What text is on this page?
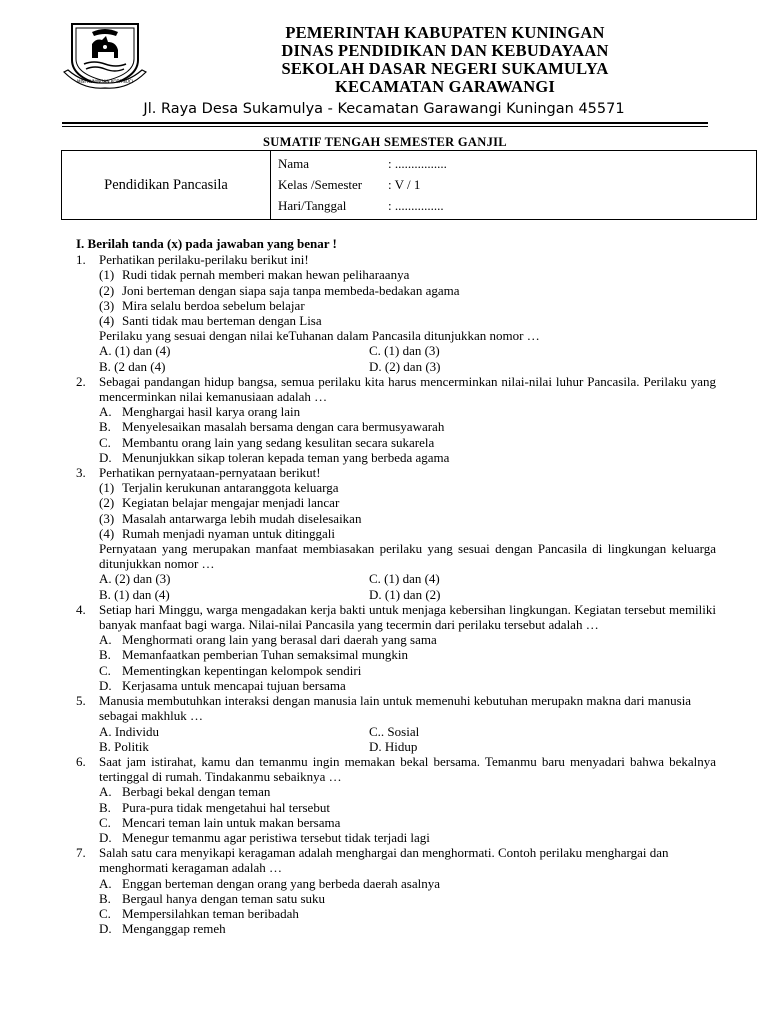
MISI KUNINGAN KOTA SUCI
PEMERINTAH KABUPATEN KUNINGAN
DINAS PENDIDIKAN DAN KEBUDAYAAN
SEKOLAH DASAR NEGERI SUKAMULYA
KECAMATAN GARAWANGI
Jl. Raya Desa Sukamulya - Kecamatan Garawangi Kuningan 45571
SUMATIF TENGAH SEMESTER GANJIL
Pendidikan Pancasila
Nama	: ................
Kelas /Semester : V / 1
Hari/Tanggal	: ...............
I. Berilah tanda (x) pada jawaban yang benar !
1. Perhatikan perilaku-perilaku berikut ini!
(1) Rudi tidak pernah memberi makan hewan peliharaanya
(2) Joni berteman dengan siapa saja tanpa membeda-bedakan agama
(3) Mira selalu berdoa sebelum belajar
(4) Santi tidak mau berteman dengan Lisa
Perilaku yang sesuai dengan nilai keTuhanan dalam Pancasila ditunjukkan nomor …
A. (1) dan (4)	C. (1) dan (3)
B. (2 dan (4)	D. (2) dan (3)
2. Sebagai pandangan hidup bangsa, semua perilaku kita harus mencerminkan nilai-nilai luhur Pancasila. Perilaku yang mencerminkan nilai kemanusiaan adalah …
A. Menghargai hasil karya orang lain
B. Menyelesaikan masalah bersama dengan cara bermusyawarah
C. Membantu orang lain yang sedang kesulitan secara sukarela
D. Menunjukkan sikap toleran kepada teman yang berbeda agama
3. Perhatikan pernyataan-pernyataan berikut!
(1) Terjalin kerukunan antaranggota keluarga
(2) Kegiatan belajar mengajar menjadi lancar
(3) Masalah antarwarga lebih mudah diselesaikan
(4) Rumah menjadi nyaman untuk ditinggali
Pernyataan yang merupakan manfaat membiasakan perilaku yang sesuai dengan Pancasila di lingkungan keluarga ditunjukkan nomor …
A. (2) dan (3)	C. (1) dan (4)
B. (1) dan (4)	D. (1) dan (2)
4. Setiap hari Minggu, warga mengadakan kerja bakti untuk menjaga kebersihan lingkungan. Kegiatan tersebut memiliki banyak manfaat bagi warga. Nilai-nilai Pancasila yang tecermin dari perilaku tersebut adalah …
A. Menghormati orang lain yang berasal dari daerah yang sama
B. Memanfaatkan pemberian Tuhan semaksimal mungkin
C. Mementingkan kepentingan kelompok sendiri
D. Kerjasama untuk mencapai tujuan bersama
5. Manusia membutuhkan interaksi dengan manusia lain untuk memenuhi kebutuhan merupakn makna dari manusia sebagai makhluk …
A. Individu	C.. Sosial
B. Politik	D. Hidup
6. Saat jam istirahat, kamu dan temanmu ingin memakan bekal bersama. Temanmu baru menyadari bahwa bekalnya tertinggal di rumah. Tindakanmu sebaiknya …
A. Berbagi bekal dengan teman
B. Pura-pura tidak mengetahui hal tersebut
C. Mencari teman lain untuk makan bersama
D. Menegur temanmu agar peristiwa tersebut tidak terjadi lagi
7. Salah satu cara menyikapi keragaman adalah menghargai dan menghormati. Contoh perilaku menghargai dan menghormati keragaman adalah …
A. Enggan berteman dengan orang yang berbeda daerah asalnya
B. Bergaul hanya dengan teman satu suku
C. Mempersilahkan teman beribadah
D. Menganggap remeh
